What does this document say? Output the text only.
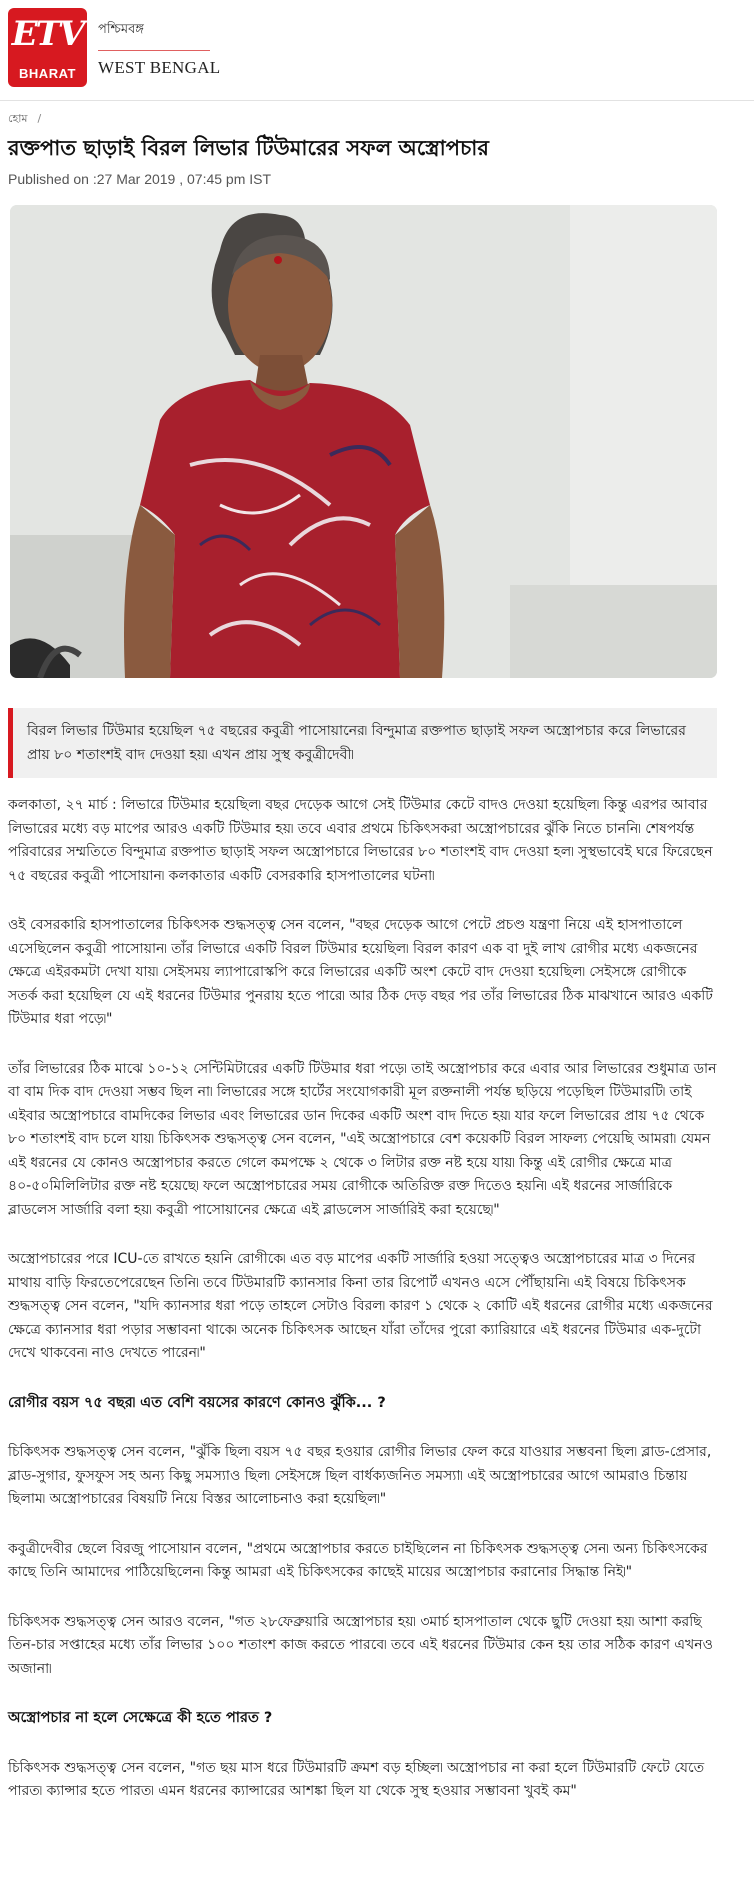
ETV
BHARAT
পশ্চিমবঙ্গ
WEST BENGAL
হোম /
রক্তপাত ছাড়াই বিরল লিভার টিউমারের সফল অস্ত্রোপচার
Published on :27 Mar 2019 , 07:45 pm IST
বিরল লিভার টিউমার হয়েছিল ৭৫ বছরের কবুত্রী পাসোয়ানের৷ বিন্দুমাত্র রক্তপাত ছাড়াই সফল অস্ত্রোপচার করে লিভারের প্রায় ৮০ শতাংশই বাদ দেওয়া হয়৷ এখন প্রায় সুস্থ কবুত্রীদেবী৷

কলকাতা, ২৭ মার্চ : লিভারে টিউমার হয়েছিল৷ বছর দেড়েক আগে সেই টিউমার কেটে বাদও দেওয়া হয়েছিল৷ কিন্তু এরপর আবার লিভারের মধ্যে বড় মাপের আরও একটি টিউমার হয়৷ তবে এবার প্রথমে চিকিৎসকরা অস্ত্রোপচারের ঝুঁকি নিতে চাননি৷ শেষপর্যন্ত পরিবারের সম্মতিতে বিন্দুমাত্র রক্তপাত ছাড়াই সফল অস্ত্রোপচারে লিভারের ৮০ শতাংশই বাদ দেওয়া হল৷ সুস্থভাবেই ঘরে ফিরেছেন ৭৫ বছরের কবুত্রী পাসোয়ান৷ কলকাতার একটি বেসরকারি হাসপাতালের ঘটনা৷

ওই বেসরকারি হাসপাতালের চিকিৎসক শুদ্ধসত্ত্ব সেন বলেন, "বছর দেড়েক আগে পেটে প্রচণ্ড যন্ত্রণা নিয়ে এই হাসপাতালে এসেছিলেন কবুত্রী পাসোয়ান৷ তাঁর লিভারে একটি বিরল টিউমার হয়েছিল৷ বিরল কারণ এক বা দুই লাখ রোগীর মধ্যে একজনের ক্ষেত্রে এইরকমটা দেখা যায়৷ সেইসময় ল্যাপারোস্কপি করে লিভারের একটি অংশ কেটে বাদ দেওয়া হয়েছিল৷ সেইসঙ্গে রোগীকে সতর্ক করা হয়েছিল যে এই ধরনের টিউমার পুনরায় হতে পারে৷ আর ঠিক দেড় বছর পর তাঁর লিভারের ঠিক মাঝখানে আরও একটি টিউমার ধরা পড়ে৷"

তাঁর লিভারের ঠিক মাঝে ১০-১২ সেন্টিমিটারের একটি টিউমার ধরা পড়ে৷ তাই অস্ত্রোপচার করে এবার আর লিভারের শুধুমাত্র ডান বা বাম দিক বাদ দেওয়া সম্ভব ছিল না৷ লিভারের সঙ্গে হার্টের সংযোগকারী মূল রক্তনালী পর্যন্ত ছড়িয়ে পড়েছিল টিউমারটি৷ তাই এইবার অস্ত্রোপচারে বামদিকের লিভার এবং লিভারের ডান দিকের একটি অংশ বাদ দিতে হয়৷ যার ফলে লিভারের প্রায় ৭৫ থেকে ৮০ শতাংশই বাদ চলে যায়৷ চিকিৎসক শুদ্ধসত্ত্ব সেন বলেন, "এই অস্ত্রোপচারে বেশ কয়েকটি বিরল সাফল্য পেয়েছি আমরা৷ যেমন এই ধরনের যে কোনও অস্ত্রোপচার করতে গেলে কমপক্ষে ২ থেকে ৩ লিটার রক্ত নষ্ট হয়ে যায়৷ কিন্তু এই রোগীর ক্ষেত্রে মাত্র ৪০-৫০মিলিলিটার রক্ত নষ্ট হয়েছে৷ ফলে অস্ত্রোপচারের সময় রোগীকে অতিরিক্ত রক্ত দিতেও হয়নি৷ এই ধরনের সার্জারিকে ব্লাডলেস সার্জারি বলা হয়৷ কবুত্রী পাসোয়ানের ক্ষেত্রে এই ব্লাডলেস সার্জারিই করা হয়েছে৷"

অস্ত্রোপচারের পরে ICU-তে রাখতে হয়নি রোগীকে৷ এত বড় মাপের একটি সার্জারি হওয়া সত্ত্বেও অস্ত্রোপচারের মাত্র ৩ দিনের মাথায় বাড়ি ফিরতেপেরেছেন তিনি৷ তবে টিউমারটি ক্যানসার কিনা তার রিপোর্ট এখনও এসে পৌঁছায়নি৷ এই বিষয়ে চিকিৎসক শুদ্ধসত্ত্ব সেন বলেন, "যদি ক্যানসার ধরা পড়ে তাহলে সেটাও বিরল৷ কারণ ১ থেকে ২ কোটি এই ধরনের রোগীর মধ্যে একজনের ক্ষেত্রে ক্যানসার ধরা পড়ার সম্ভাবনা থাকে৷ অনেক চিকিৎসক আছেন যাঁরা তাঁদের পুরো ক্যারিয়ারে এই ধরনের টিউমার এক-দুটো দেখে থাকবেন৷ নাও দেখতে পারেন৷"

রোগীর বয়স ৭৫ বছর৷ এত বেশি বয়সের কারণে কোনও ঝুঁকি... ?

চিকিৎসক শুদ্ধসত্ত্ব সেন বলেন, "ঝুঁকি ছিল৷ বয়স ৭৫ বছর হওয়ার রোগীর লিভার ফেল করে যাওয়ার সম্ভবনা ছিল৷ ব্লাড-প্রেসার, ব্লাড-সুগার, ফুসফুস সহ অন্য কিছু সমস্যাও ছিল৷ সেইসঙ্গে ছিল বার্ধক্যজনিত সমস্যা৷ এই অস্ত্রোপচারের আগে আমরাও চিন্তায় ছিলাম৷ অস্ত্রোপচারের বিষয়টি নিয়ে বিস্তর আলোচনাও করা হয়েছিল৷"

কবুত্রীদেবীর ছেলে বিরজু পাসোয়ান বলেন, "প্রথমে অস্ত্রোপচার করতে চাইছিলেন না চিকিৎসক শুদ্ধসত্ত্ব সেন৷ অন্য চিকিৎসকের কাছে তিনি আমাদের পাঠিয়েছিলেন৷ কিন্তু আমরা এই চিকিৎসকের কাছেই মায়ের অস্ত্রোপচার করানোর সিদ্ধান্ত নিই৷"

চিকিৎসক শুদ্ধসত্ত্ব সেন আরও বলেন, "গত ২৮ফেব্রুয়ারি অস্ত্রোপচার হয়৷ ৩মার্চ হাসপাতাল থেকে ছুটি দেওয়া হয়৷ আশা করছি তিন-চার সপ্তাহের মধ্যে তাঁর লিভার ১০০ শতাংশ কাজ করতে পারবে৷ তবে এই ধরনের টিউমার কেন হয় তার সঠিক কারণ এখনও অজানা৷

অস্ত্রোপচার না হলে সেক্ষেত্রে কী হতে পারত ?

চিকিৎসক শুদ্ধসত্ত্ব সেন বলেন, "গত ছয় মাস ধরে টিউমারটি ক্রমশ বড় হচ্ছিল৷ অস্ত্রোপচার না করা হলে টিউমারটি ফেটে যেতে পারত৷ ক্যান্সার হতে পারত৷ এমন ধরনের ক্যান্সারের আশঙ্কা ছিল যা থেকে সুস্থ হওয়ার সম্ভাবনা খুবই কম"
